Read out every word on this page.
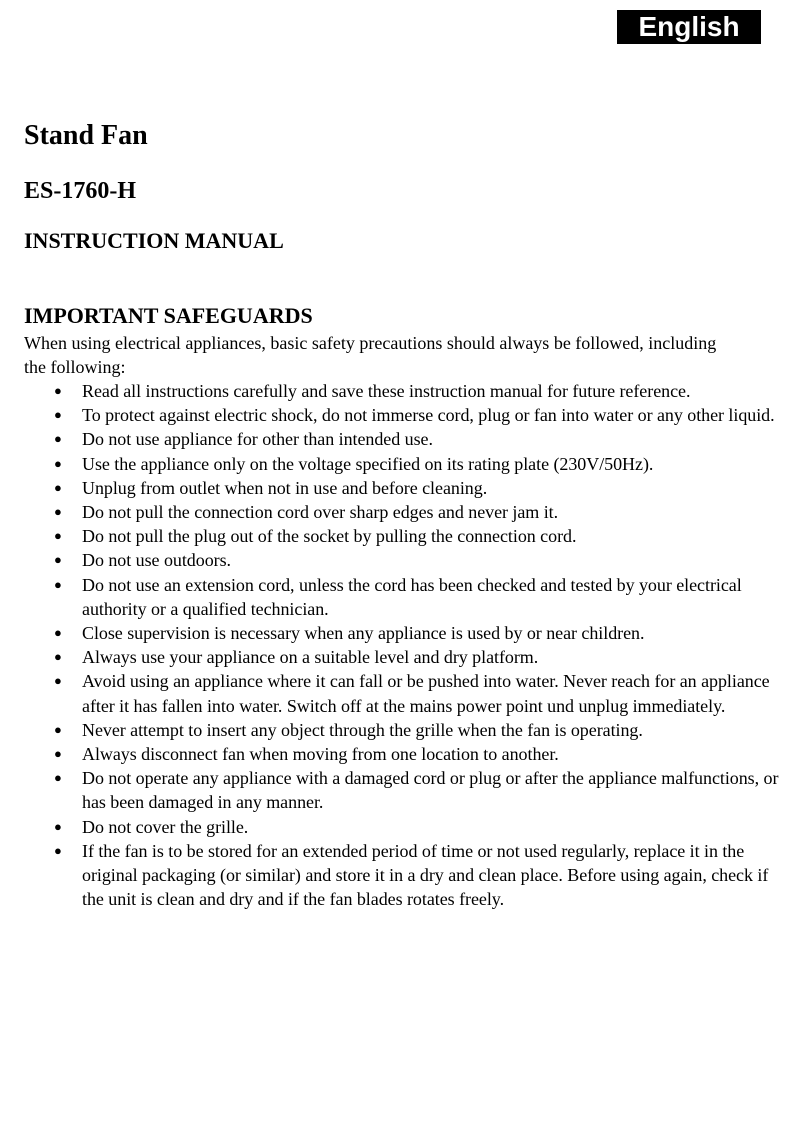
English
Stand Fan
ES-1760-H
INSTRUCTION MANUAL
IMPORTANT SAFEGUARDS

When using electrical appliances, basic safety precautions should always be followed, including the following:

● Read all instructions carefully and save these instruction manual for future reference.
● To protect against electric shock, do not immerse cord, plug or fan into water or any other liquid.
● Do not use appliance for other than intended use.
● Use the appliance only on the voltage specified on its rating plate (230V/50Hz).
● Unplug from outlet when not in use and before cleaning.
● Do not pull the connection cord over sharp edges and never jam it.
● Do not pull the plug out of the socket by pulling the connection cord.
● Do not use outdoors.
● Do not use an extension cord, unless the cord has been checked and tested by your electrical authority or a qualified technician.
● Close supervision is necessary when any appliance is used by or near children.
● Always use your appliance on a suitable level and dry platform.
● Avoid using an appliance where it can fall or be pushed into water. Never reach for an appliance after it has fallen into water. Switch off at the mains power point und unplug immediately.
● Never attempt to insert any object through the grille when the fan is operating.
● Always disconnect fan when moving from one location to another.
● Do not operate any appliance with a damaged cord or plug or after the appliance malfunctions, or has been damaged in any manner.
● Do not cover the grille.
● If the fan is to be stored for an extended period of time or not used regularly, replace it in the original packaging (or similar) and store it in a dry and clean place. Before using again, check if the unit is clean and dry and if the fan blades rotates freely.
